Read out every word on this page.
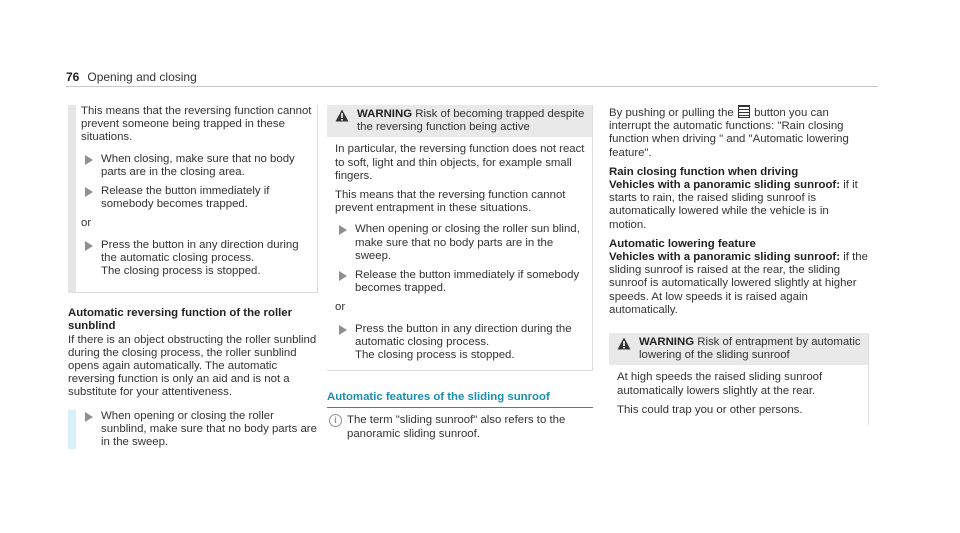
76 Opening and closing

This means that the reversing function cannot prevent someone being trapped in these situations.

When closing, make sure that no body parts are in the closing area.
Release the button immediately if somebody becomes trapped.
or
Press the button in any direction during the automatic closing process.
The closing process is stopped.
Automatic reversing function of the roller sunblind

If there is an object obstructing the roller sunblind during the closing process, the roller sunblind opens again automatically. The automatic reversing function is only an aid and is not a substitute for your attentiveness.

When opening or closing the roller sunblind, make sure that no body parts are in the sweep.
WARNING Risk of becoming trapped despite the reversing function being active

In particular, the reversing function does not react to soft, light and thin objects, for example small fingers.

This means that the reversing function cannot prevent entrapment in these situations.

When opening or closing the roller sun blind, make sure that no body parts are in the sweep.
Release the button immediately if somebody becomes trapped.
or
Press the button in any direction during the automatic closing process.
The closing process is stopped.
Automatic features of the sliding sunroof
i The term "sliding sunroof" also refers to the panoramic sliding sunroof.

By pushing or pulling the button you can interrupt the automatic functions: "Rain closing function when driving " and "Automatic lowering feature".

Rain closing function when driving

Vehicles with a panoramic sliding sunroof: if it starts to rain, the raised sliding sunroof is automatically lowered while the vehicle is in motion.

Automatic lowering feature

Vehicles with a panoramic sliding sunroof: if the sliding sunroof is raised at the rear, the sliding sunroof is automatically lowered slightly at higher speeds. At low speeds it is raised again automatically.

WARNING Risk of entrapment by automatic lowering of the sliding sunroof

At high speeds the raised sliding sunroof automatically lowers slightly at the rear.

This could trap you or other persons.
